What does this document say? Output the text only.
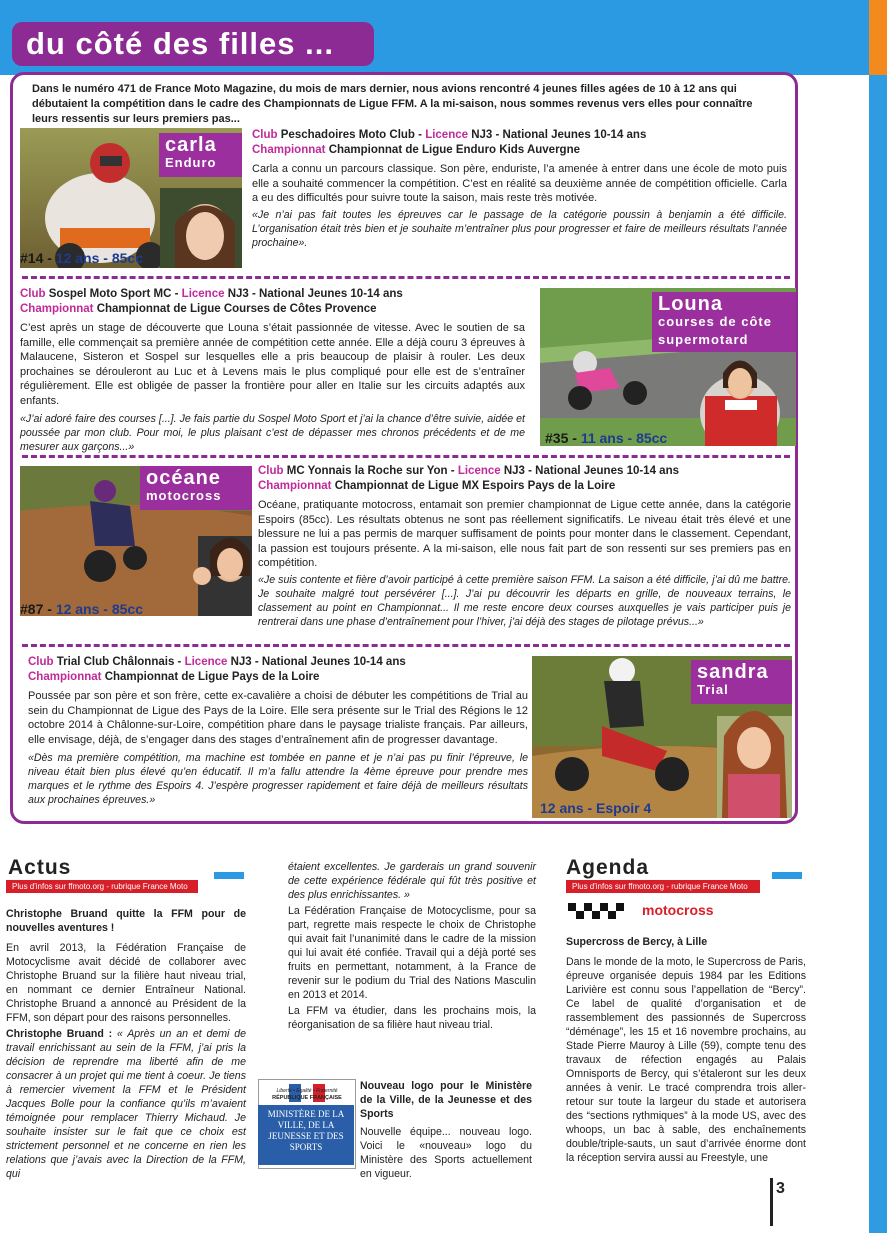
du côté des filles ...
Dans le numéro 471 de France Moto Magazine, du mois de mars dernier, nous avions rencontré 4 jeunes filles agées de 10 à 12 ans qui débutaient la compétition dans le cadre des Championnats de Ligue FFM. A la mi-saison, nous sommes revenus vers elles pour connaître leurs ressentis sur leurs premiers pas...
carla
Enduro
#14 - 12 ans - 85cc
Club Peschadoires Moto Club - Licence NJ3 - National Jeunes 10-14 ans
Championnat Championnat de Ligue Enduro Kids Auvergne
Carla a connu un parcours classique. Son père, enduriste, l’a amenée à entrer dans une école de moto puis elle a souhaité commencer la compétition. C’est en réalité sa deuxième année de compétition officielle. Carla a eu des difficultés pour suivre toute la saison, mais reste très motivée.
«Je n’ai pas fait toutes les épreuves car le passage de la catégorie poussin à benjamin a été difficile. L’organisation était très bien et je souhaite m’entraîner plus pour progresser et faire de meilleurs résultats l’année prochaine».
Club Sospel Moto Sport MC - Licence NJ3 - National Jeunes 10-14 ans
Championnat Championnat de Ligue Courses de Côtes Provence
C’est après un stage de découverte que Louna s’était passionnée de vitesse. Avec le soutien de sa famille, elle commençait sa première année de compétition cette année. Elle a déjà couru 3 épreuves à Malaucene, Sisteron et Sospel sur lesquelles elle a pris beaucoup de plaisir à rouler. Les deux prochaines se dérouleront au Luc et à Levens mais le plus compliqué pour elle est de s’entraîner régulièrement. Elle est obligée de passer la frontière pour aller en Italie sur les circuits adaptés aux enfants.
«J’ai adoré faire des courses [...]. Je fais partie du Sospel Moto Sport et j’ai la chance d’être suivie, aidée et poussée par mon club. Pour moi, le plus plaisant c’est de dépasser mes chronos précédents et de me mesurer aux garçons...»
Louna
courses de côte supermotard
#35 - 11 ans - 85cc
océane
motocross
#87 - 12 ans - 85cc
Club MC Yonnais la Roche sur Yon - Licence NJ3 - National Jeunes 10-14 ans
Championnat Championnat de Ligue MX Espoirs Pays de la Loire
Océane, pratiquante motocross, entamait son premier championnat de Ligue cette année, dans la catégorie Espoirs (85cc). Les résultats obtenus ne sont pas réellement significatifs. Le niveau était très élevé et une blessure ne lui a pas permis de marquer suffisament de points pour monter dans le classement. Cependant, la passion est toujours présente. A la mi-saison, elle nous fait part de son ressenti sur ses premiers pas en compétition.
«Je suis contente et fière d’avoir participé à cette première saison FFM. La saison a été difficile, j’ai dû me battre. Je souhaite malgré tout persévérer [...]. J’ai pu découvrir les départs en grille, de nouveaux terrains, le classement au point en Championnat... Il me reste encore deux courses auxquelles je vais participer puis je rentrerai dans une phase d’entraînement pour l’hiver, j’ai déjà des stages de pilotage prévus...»
Club Trial Club Châlonnais - Licence NJ3 - National Jeunes 10-14 ans
Championnat Championnat de Ligue Pays de la Loire
Poussée par son père et son frère, cette ex-cavalière a choisi de débuter les compétitions de Trial au sein du Championnat de Ligue des Pays de la Loire. Elle sera présente sur le Trial des Régions le 12 octobre 2014 à Châlonne-sur-Loire, compétition phare dans le paysage trialiste français. Par ailleurs, elle envisage, déjà, de s’engager dans des stages d’entraînement afin de progresser davantage.
«Dès ma première compétition, ma machine est tombée en panne et je n’ai pas pu finir l’épreuve, le niveau était bien plus élevé qu’en éducatif. Il m’a fallu attendre la 4ème épreuve pour prendre mes marques et le rythme des Espoirs 4. J’espère progresser rapidement et faire déjà de meilleurs résultats aux prochaines épreuves.»
sandra
Trial
12 ans - Espoir 4
Actus
Plus d'infos sur ffmoto.org - rubrique France Moto

Christophe Bruand quitte la FFM pour de nouvelles aventures !

En avril 2013, la Fédération Française de Motocyclisme avait décidé de collaborer avec Christophe Bruand sur la filière haut niveau trial, en nommant ce dernier Entraîneur National. Christophe Bruand a annoncé au Président de la FFM, son départ pour des raisons personnelles.

Christophe Bruand : « Après un an et demi de travail enrichissant au sein de la FFM, j’ai pris la décision de reprendre ma liberté afin de me consacrer à un projet qui me tient à coeur. Je tiens à remercier vivement la FFM et le Président Jacques Bolle pour la confiance qu’ils m’avaient témoignée pour remplacer Thierry Michaud. Je souhaite insister sur le fait que ce choix est strictement personnel et ne concerne en rien les relations que j’avais avec la Direction de la FFM, qui

étaient excellentes. Je garderais un grand souvenir de cette expérience fédérale qui fût très positive et des plus enrichissantes. »

La Fédération Française de Motocyclisme, pour sa part, regrette mais respecte le choix de Christophe qui avait fait l’unanimité dans le cadre de la mission qui lui avait été confiée. Travail qui a déjà porté ses fruits en permettant, notamment, à la France de revenir sur le podium du Trial des Nations Masculin en 2013 et 2014.

La FFM va étudier, dans les prochains mois, la réorganisation de sa filière haut niveau trial.

Liberté • Égalité • Fraternité
RÉPUBLIQUE FRANÇAISE
MINISTÈRE DE LA VILLE, DE LA JEUNESSE ET DES SPORTS

Nouveau logo pour le Ministère de la Ville, de la Jeunesse et des Sports

Nouvelle équipe... nouveau logo. Voici le «nouveau» logo du Ministère des Sports actuellement en vigueur.

Agenda
Plus d'infos sur ffmoto.org - rubrique France Moto
motocross

Supercross de Bercy, à Lille

Dans le monde de la moto, le Supercross de Paris, épreuve organisée depuis 1984 par les Editions Larivière est connu sous l’appellation de “Bercy”. Ce label de qualité d’organisation et de rassemblement des passionnés de Supercross “déménage”, les 15 et 16 novembre prochains, au Stade Pierre Mauroy à Lille (59), compte tenu des travaux de réfection engagés au Palais Omnisports de Bercy, qui s’étaleront sur les deux années à venir. Le tracé comprendra trois aller-retour sur toute la largeur du stade et autorisera des “sections rythmiques” à la mode US, avec des whoops, un bac à sable, des enchaînements double/triple-sauts, un saut d’arrivée énorme dont la réception servira aussi au Freestyle, une

3
